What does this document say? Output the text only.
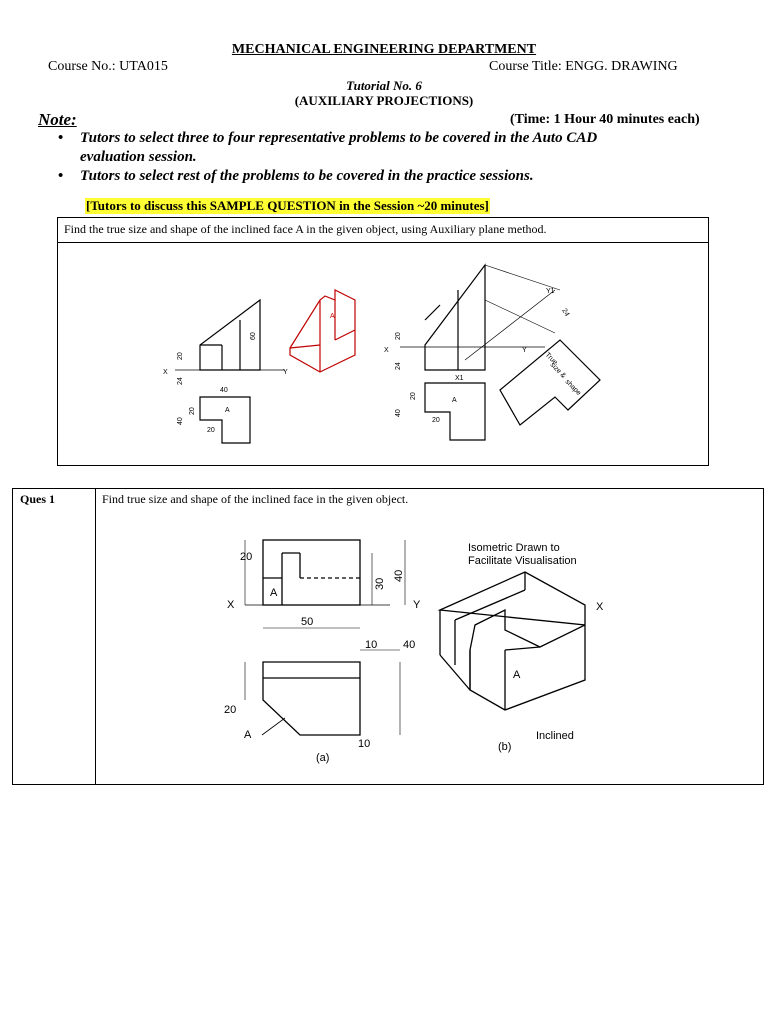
MECHANICAL ENGINEERING DEPARTMENT
Course No.: UTA015	Course Title: ENGG. DRAWING
Tutorial No. 6
(AUXILIARY PROJECTIONS)
Note:	(Time: 1 Hour 40 minutes each)
• Tutors to select three to four representative problems to be covered in the Auto CAD
evaluation session.
• Tutors to select rest of the problems to be covered in the practice sessions.
[Tutors to discuss this SAMPLE QUESTION in the Session ~20 minutes]
Find the true size and shape of the inclined face A in the given object, using Auxiliary plane method.
60
20
24
X	Y
40
40
20
20
A
A
20
24
40
20
20
X	Y
X1
Y1
A
24
True
size
&
shape
Ques 1	Find true size and shape of the inclined face in the given object.
20
30
40
50
10 40
20
10
X	Y
A
A
(a)
(b)
Isometric Drawn to
Facilitate Visualisation
X
A
Inclined
